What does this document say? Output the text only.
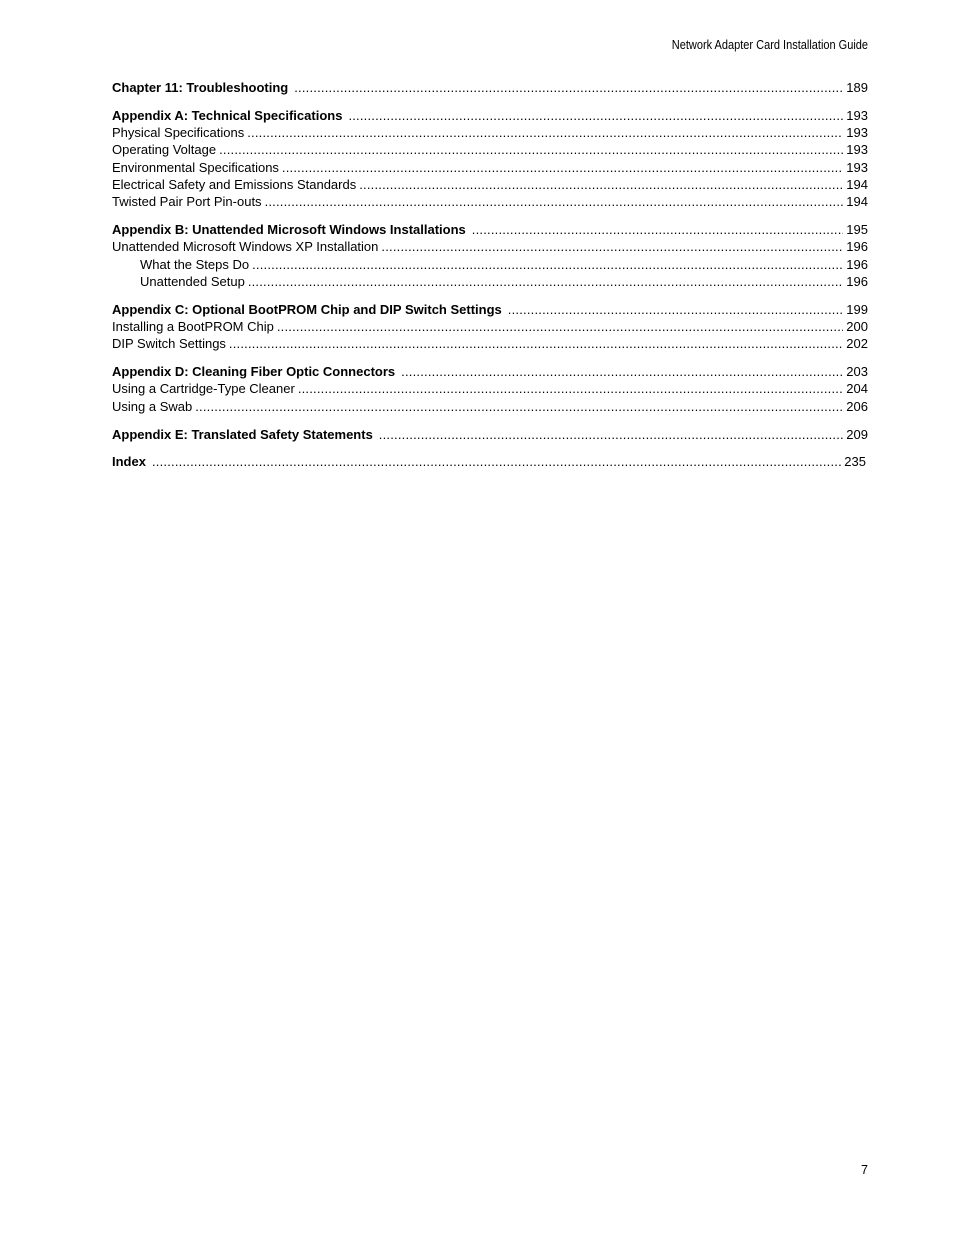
Network Adapter Card Installation Guide
Chapter 11: Troubleshooting .....	189
Appendix A: Technical Specifications .....	193
Physical Specifications .....	193
Operating Voltage .....	193
Environmental Specifications .....	193
Electrical Safety and Emissions Standards .....	194
Twisted Pair Port Pin-outs .....	194
Appendix B: Unattended Microsoft Windows Installations .....	195
Unattended Microsoft Windows XP Installation .....	196
What the Steps Do .....	196
Unattended Setup .....	196
Appendix C: Optional BootPROM Chip and DIP Switch Settings .....	199
Installing a BootPROM Chip .....	200
DIP Switch Settings .....	202
Appendix D: Cleaning Fiber Optic Connectors .....	203
Using a Cartridge-Type Cleaner .....	204
Using a Swab .....	206
Appendix E: Translated Safety Statements .....	209
Index .....	235
7
